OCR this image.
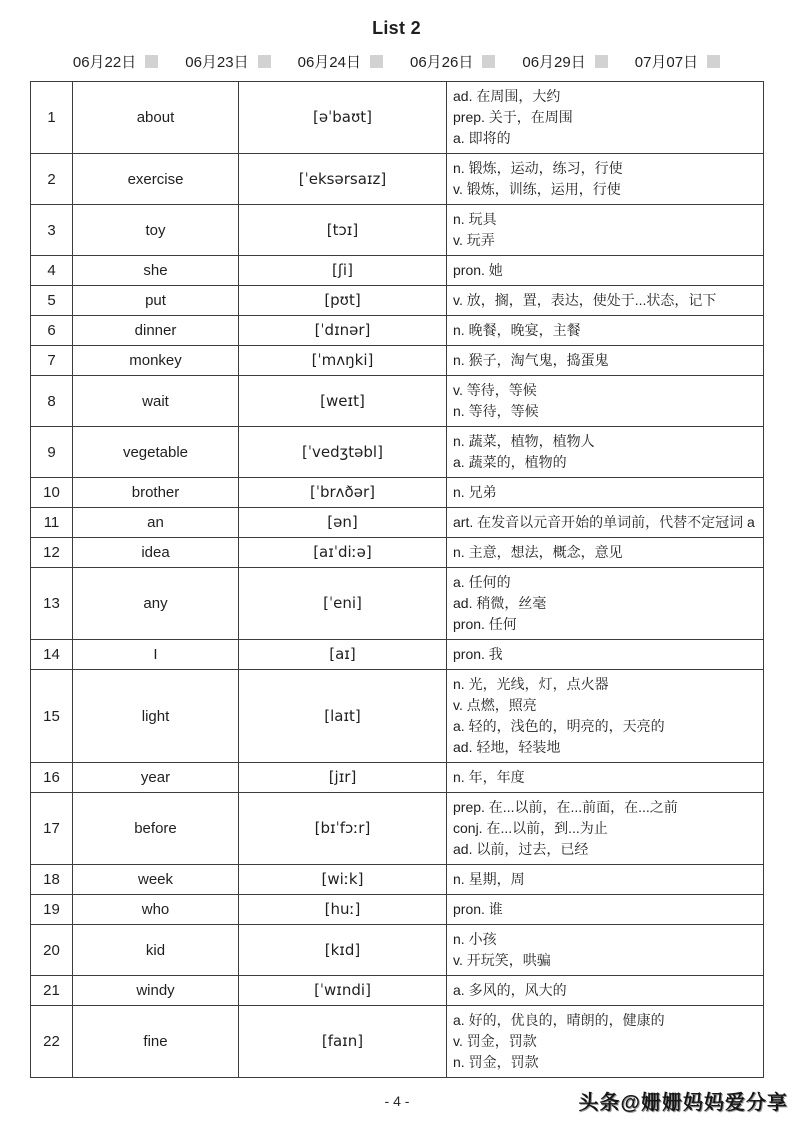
List 2
06月22日	06月23日	06月24日	06月26日	06月29日	07月07日
1	about	[əˈbaʊt]	ad. 在周围，大约
prep. 关于，在周围
a. 即将的

2	exercise	[ˈeksərsaɪz]	n. 锻炼，运动，练习，行使
v. 锻炼，训练，运用，行使

3	toy	[tɔɪ]	n. 玩具
v. 玩弄

4	she	[ʃi]	pron. 她

5	put	[pʊt]	v. 放，搁，置，表达，使处于...状态，记下

6	dinner	[ˈdɪnər]	n. 晚餐，晚宴，主餐

7	monkey	[ˈmʌŋki]	n. 猴子，淘气鬼，捣蛋鬼

8	wait	[weɪt]	v. 等待，等候
n. 等待，等候

9	vegetable	[ˈvedʒtəbl]	n. 蔬菜，植物，植物人
a. 蔬菜的，植物的

10	brother	[ˈbrʌðər]	n. 兄弟

11	an	[ən]	art. 在发音以元音开始的单词前，代替不定冠词 a

12	idea	[aɪˈdiːə]	n. 主意，想法，概念，意见

13	any	[ˈeni]	a. 任何的
ad. 稍微，丝毫
pron. 任何

14	I	[aɪ]	pron. 我

15	light	[laɪt]	n. 光，光线，灯，点火器
v. 点燃，照亮
a. 轻的，浅色的，明亮的，天亮的
ad. 轻地，轻装地

16	year	[jɪr]	n. 年，年度

17	before	[bɪˈfɔːr]	prep. 在...以前，在...前面，在...之前
conj. 在...以前，到...为止
ad. 以前，过去，已经

18	week	[wiːk]	n. 星期，周

19	who	[huː]	pron. 谁

20	kid	[kɪd]	n. 小孩
v. 开玩笑，哄骗

21	windy	[ˈwɪndi]	a. 多风的，风大的

22	fine	[faɪn]	a. 好的，优良的，晴朗的，健康的
v. 罚金，罚款
n. 罚金，罚款
- 4 -	头条@姗姗妈妈爱分享
